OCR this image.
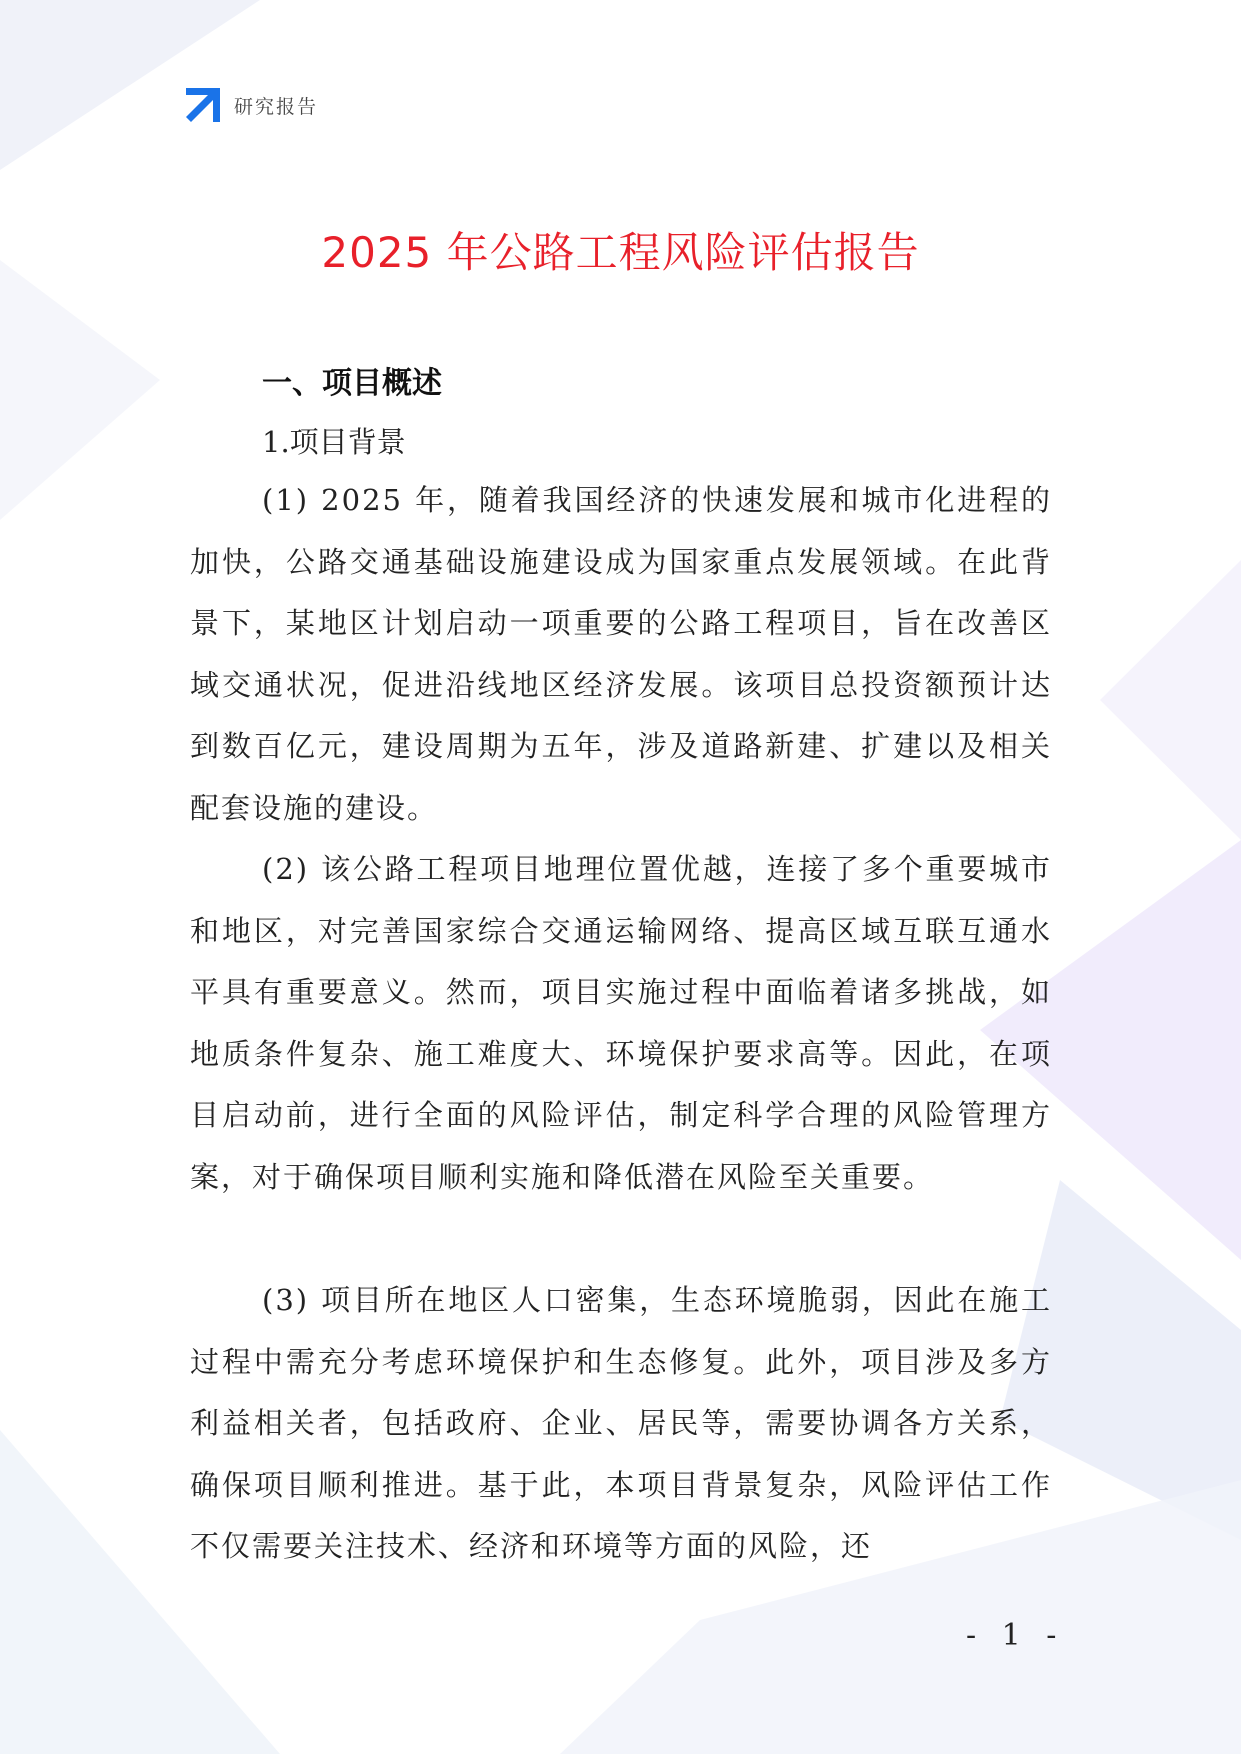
研究报告
2025 年公路工程风险评估报告
一、项目概述
1.项目背景

(1) 2025 年，随着我国经济的快速发展和城市化进程的加快，公路交通基础设施建设成为国家重点发展领域。在此背景下，某地区计划启动一项重要的公路工程项目，旨在改善区域交通状况，促进沿线地区经济发展。该项目总投资额预计达到数百亿元，建设周期为五年，涉及道路新建、扩建以及相关配套设施的建设。

(2) 该公路工程项目地理位置优越，连接了多个重要城市和地区，对完善国家综合交通运输网络、提高区域互联互通水平具有重要意义。然而，项目实施过程中面临着诸多挑战，如地质条件复杂、施工难度大、环境保护要求高等。因此，在项目启动前，进行全面的风险评估，制定科学合理的风险管理方案，对于确保项目顺利实施和降低潜在风险至关重要。

(3) 项目所在地区人口密集，生态环境脆弱，因此在施工过程中需充分考虑环境保护和生态修复。此外，项目涉及多方利益相关者，包括政府、企业、居民等，需要协调各方关系，确保项目顺利推进。基于此，本项目背景复杂，风险评估工作不仅需要关注技术、经济和环境等方面的风险，还

- 1 -
